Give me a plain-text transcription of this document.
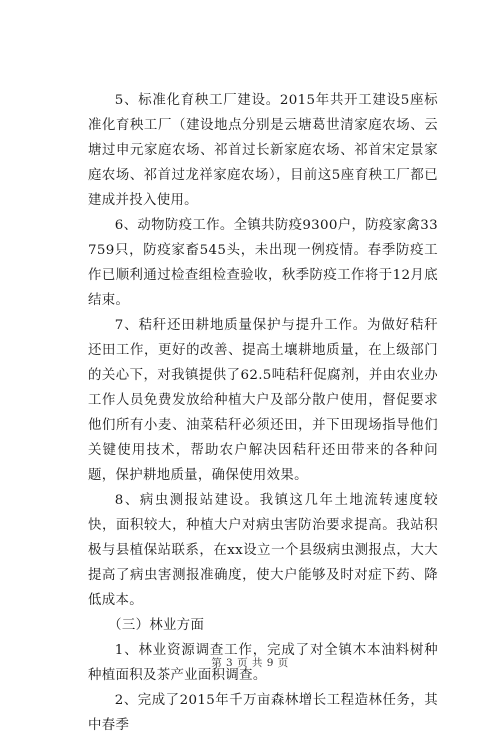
5、标准化育秧工厂建设。2015年共开工建设5座标准化育秧工厂（建设地点分别是云塘葛世清家庭农场、云塘过申元家庭农场、祁首过长新家庭农场、祁首宋定景家庭农场、祁首过龙祥家庭农场），目前这5座育秧工厂都已建成并投入使用。

6、动物防疫工作。全镇共防疫9300户，防疫家禽33759只，防疫家畜545头，未出现一例疫情。春季防疫工作已顺利通过检查组检查验收，秋季防疫工作将于12月底结束。

7、秸秆还田耕地质量保护与提升工作。为做好秸秆还田工作，更好的改善、提高土壤耕地质量，在上级部门的关心下，对我镇提供了62.5吨秸秆促腐剂，并由农业办工作人员免费发放给种植大户及部分散户使用，督促要求他们所有小麦、油菜秸秆必须还田，并下田现场指导他们关键使用技术，帮助农户解决因秸秆还田带来的各种问题，保护耕地质量，确保使用效果。

8、病虫测报站建设。我镇这几年土地流转速度较快，面积较大，种植大户对病虫害防治要求提高。我站积极与县植保站联系，在xx设立一个县级病虫测报点，大大提高了病虫害测报准确度，使大户能够及时对症下药、降低成本。

（三）林业方面

1、林业资源调查工作，完成了对全镇木本油料树种种植面积及茶产业面积调查。

2、完成了2015年千万亩森林增长工程造林任务，其中春季

第 3 页 共 9 页
